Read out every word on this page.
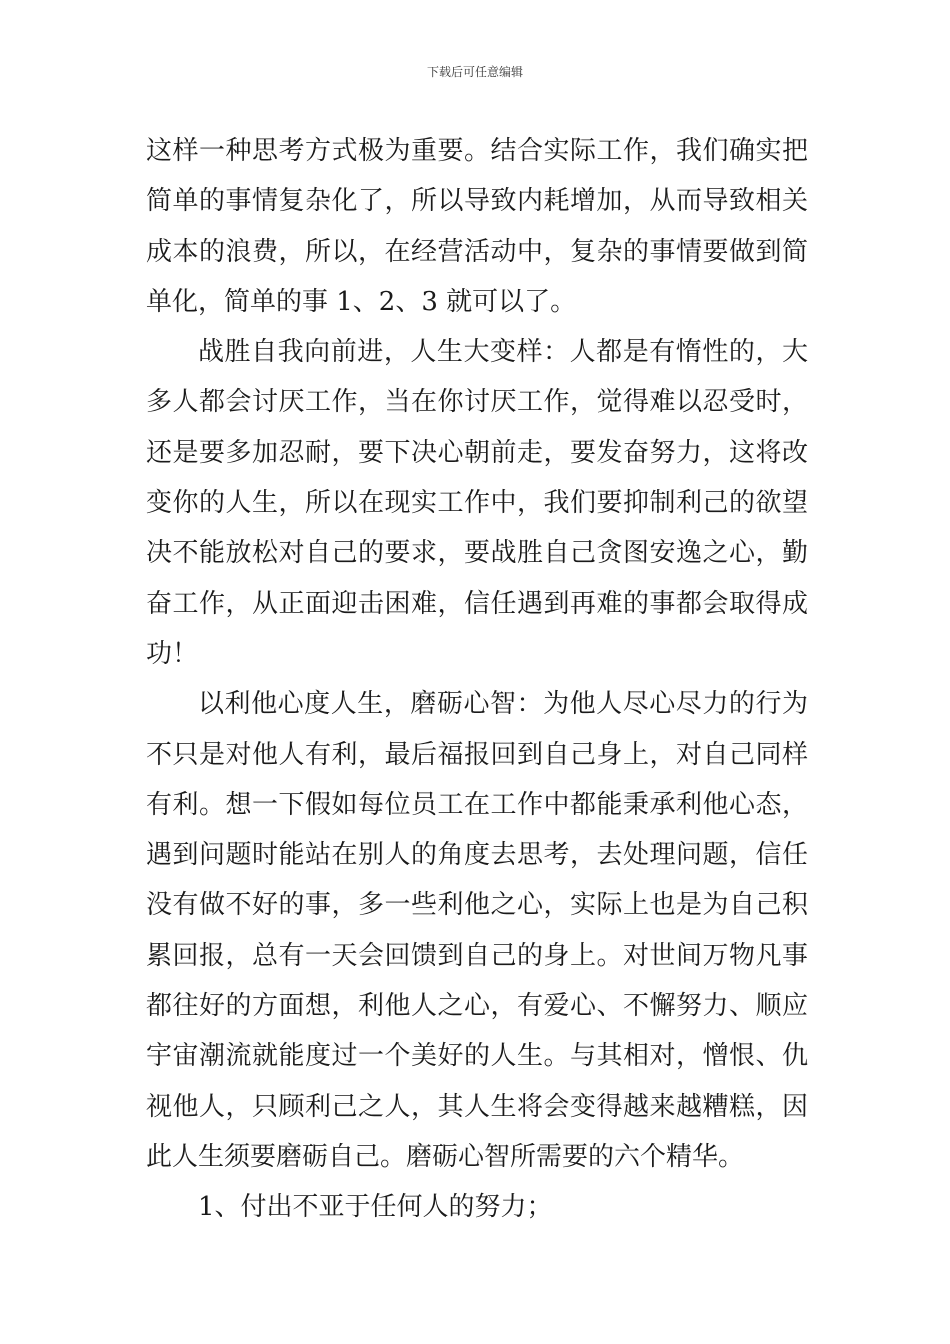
下载后可任意编辑
这样一种思考方式极为重要。结合实际工作，我们确实把
简单的事情复杂化了，所以导致内耗增加，从而导致相关
成本的浪费，所以，在经营活动中，复杂的事情要做到简
单化，简单的事 1、2、3 就可以了。
战胜自我向前进，人生大变样：人都是有惰性的，大
多人都会讨厌工作，当在你讨厌工作，觉得难以忍受时，
还是要多加忍耐，要下决心朝前走，要发奋努力，这将改
变你的人生，所以在现实工作中，我们要抑制利己的欲望
决不能放松对自己的要求，要战胜自己贪图安逸之心，勤
奋工作，从正面迎击困难，信任遇到再难的事都会取得成
功！
以利他心度人生，磨砺心智：为他人尽心尽力的行为
不只是对他人有利，最后福报回到自己身上，对自己同样
有利。想一下假如每位员工在工作中都能秉承利他心态，
遇到问题时能站在别人的角度去思考，去处理问题，信任
没有做不好的事，多一些利他之心，实际上也是为自己积
累回报，总有一天会回馈到自己的身上。对世间万物凡事
都往好的方面想，利他人之心，有爱心、不懈努力、顺应
宇宙潮流就能度过一个美好的人生。与其相对，憎恨、仇
视他人，只顾利己之人，其人生将会变得越来越糟糕，因
此人生须要磨砺自己。磨砺心智所需要的六个精华。
1、付出不亚于任何人的努力；
